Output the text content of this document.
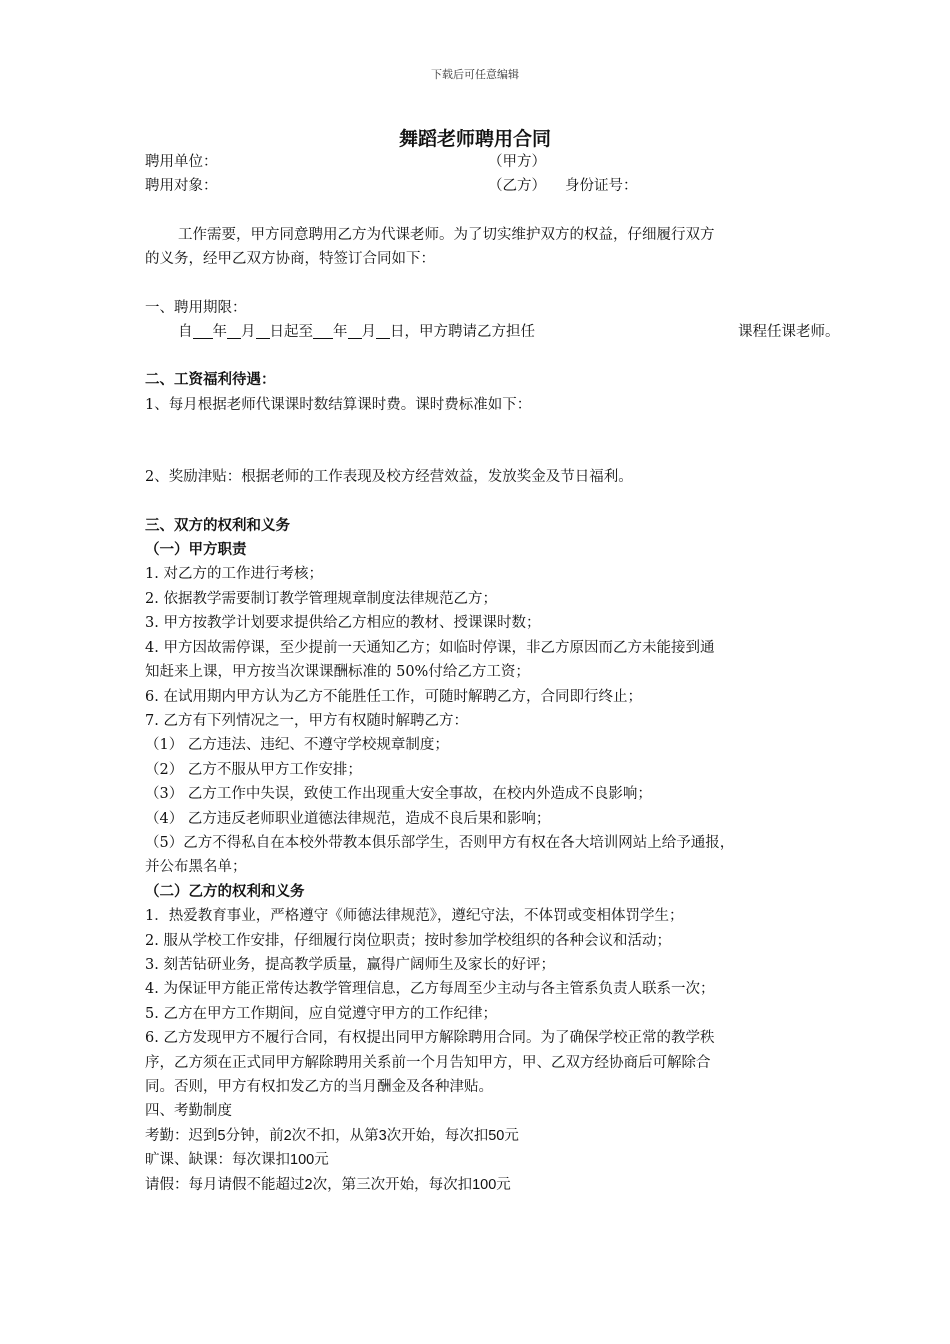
下载后可任意编辑
舞蹈老师聘用合同
聘用单位：	（甲方）
聘用对象：	（乙方） 身份证号：
工作需要，甲方同意聘用乙方为代课老师。为了切实维护双方的权益，仔细履行双方
的义务，经甲乙双方协商，特签订合同如下：
一、聘用期限：
自 年 月 日起至 年 月 日，甲方聘请乙方担任	课程任课老师。
二、工资福利待遇：
1、每月根据老师代课课时数结算课时费。课时费标准如下：
2、奖励津贴：根据老师的工作表现及校方经营效益，发放奖金及节日福利。
三、双方的权利和义务
（一）甲方职责
1. 对乙方的工作进行考核；
2. 依据教学需要制订教学管理规章制度法律规范乙方；
3. 甲方按教学计划要求提供给乙方相应的教材、授课课时数；
4. 甲方因故需停课，至少提前一天通知乙方；如临时停课，非乙方原因而乙方未能接到通
知赶来上课，甲方按当次课课酬标准的 50%付给乙方工资；
6. 在试用期内甲方认为乙方不能胜任工作，可随时解聘乙方，合同即行终止；
7. 乙方有下列情况之一，甲方有权随时解聘乙方：
（1） 乙方违法、违纪、不遵守学校规章制度；
（2） 乙方不服从甲方工作安排；
（3） 乙方工作中失误，致使工作出现重大安全事故，在校内外造成不良影响；
（4） 乙方违反老师职业道德法律规范，造成不良后果和影响；
（5）乙方不得私自在本校外带教本俱乐部学生，否则甲方有权在各大培训网站上给予通报，
并公布黑名单；
（二）乙方的权利和义务
1．热爱教育事业，严格遵守《师德法律规范》，遵纪守法，不体罚或变相体罚学生；
2. 服从学校工作安排，仔细履行岗位职责；按时参加学校组织的各种会议和活动；
3. 刻苦钻研业务，提高教学质量，赢得广阔师生及家长的好评；
4. 为保证甲方能正常传达教学管理信息，乙方每周至少主动与各主管系负责人联系一次；
5. 乙方在甲方工作期间，应自觉遵守甲方的工作纪律；
6. 乙方发现甲方不履行合同，有权提出同甲方解除聘用合同。为了确保学校正常的教学秩
序，乙方须在正式同甲方解除聘用关系前一个月告知甲方，甲、乙双方经协商后可解除合
同。否则，甲方有权扣发乙方的当月酬金及各种津贴。
四、考勤制度
考勤：迟到5分钟，前2次不扣，从第3次开始，每次扣50元
旷课、缺课：每次课扣100元
请假：每月请假不能超过2次，第三次开始，每次扣100元
